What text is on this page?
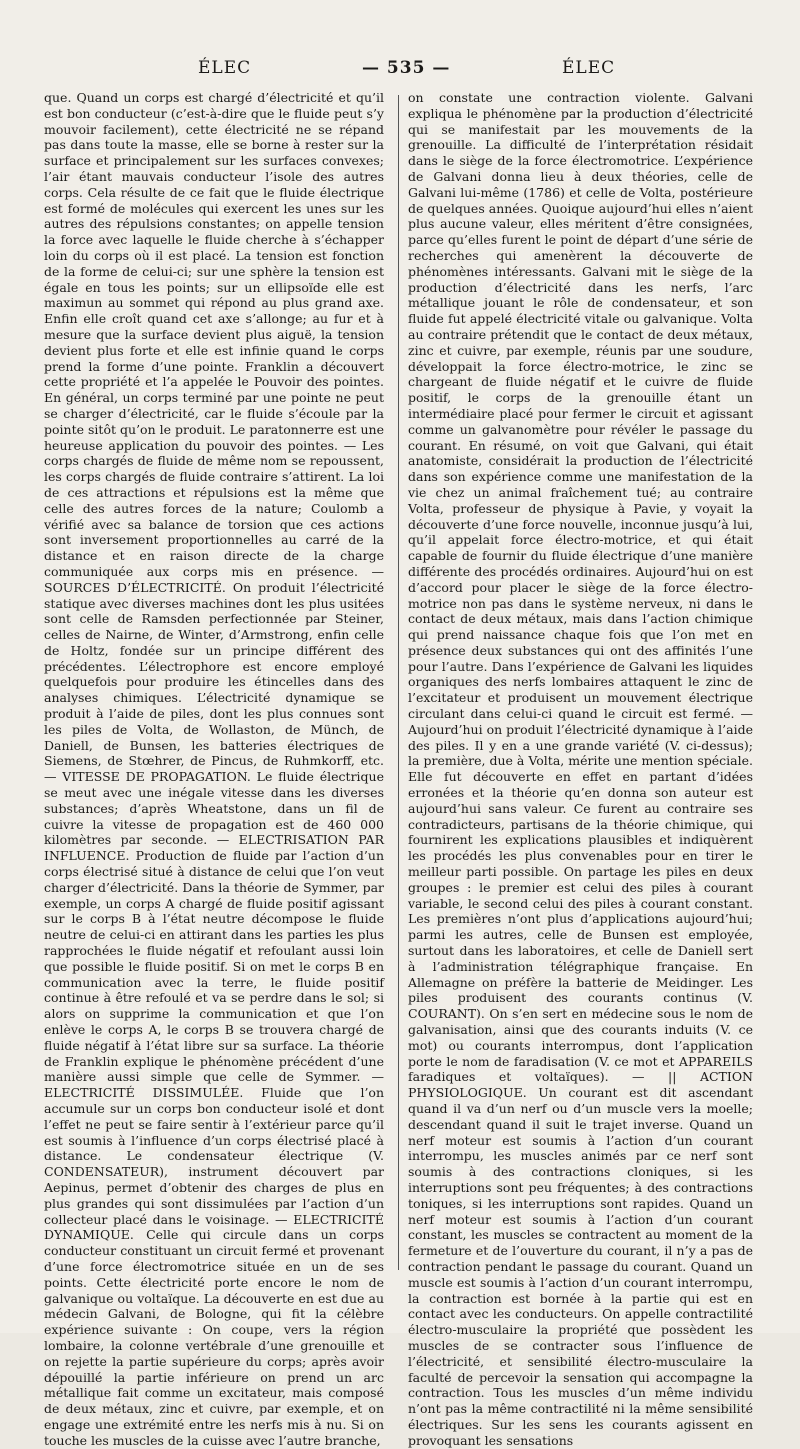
ÉLEC	— 535 —	ÉLEC

que. Quand un corps est chargé d’électricité et qu’il est bon conducteur (c’est-à-dire que le fluide peut s’y mouvoir facilement), cette électricité ne se répand pas dans toute la masse, elle se borne à rester sur la surface et principalement sur les surfaces convexes; l’air étant mauvais conducteur l’isole des autres corps. Cela résulte de ce fait que le fluide électrique est formé de molécules qui exercent les unes sur les autres des répulsions constantes; on appelle tension la force avec laquelle le fluide cherche à s’échapper loin du corps où il est placé. La tension est fonction de la forme de celui-ci; sur une sphère la tension est égale en tous les points; sur un ellipsoïde elle est maximun au sommet qui répond au plus grand axe. Enfin elle croît quand cet axe s’allonge; au fur et à mesure que la surface devient plus aiguë, la tension devient plus forte et elle est infinie quand le corps prend la forme d’une pointe. Franklin a découvert cette propriété et l’a appelée le Pouvoir des pointes. En général, un corps terminé par une pointe ne peut se charger d’électricité, car le fluide s’écoule par la pointe sitôt qu’on le produit. Le paratonnerre est une heureuse application du pouvoir des pointes. — Les corps chargés de fluide de même nom se repoussent, les corps chargés de fluide contraire s’attirent. La loi de ces attractions et répulsions est la même que celle des autres forces de la nature; Coulomb a vérifié avec sa balance de torsion que ces actions sont inversement proportionnelles au carré de la distance et en raison directe de la charge communiquée aux corps mis en présence. — SOURCES D’ÉLECTRICITÉ. On produit l’électricité statique avec diverses machines dont les plus usitées sont celle de Ramsden perfectionnée par Steiner, celles de Nairne, de Winter, d’Armstrong, enfin celle de Holtz, fondée sur un principe différent des précédentes. L’électrophore est encore employé quelquefois pour produire les étincelles dans des analyses chimiques. L’électricité dynamique se produit à l’aide de piles, dont les plus connues sont les piles de Volta, de Wollaston, de Münch, de Daniell, de Bunsen, les batteries électriques de Siemens, de Stœhrer, de Pincus, de Ruhmkorff, etc. — VITESSE DE PROPAGATION. Le fluide électrique se meut avec une inégale vitesse dans les diverses substances; d’après Wheatstone, dans un fil de cuivre la vitesse de propagation est de 460 000 kilomètres par seconde. — ELECTRISATION PAR INFLUENCE. Production de fluide par l’action d’un corps électrisé situé à distance de celui que l’on veut charger d’électricité. Dans la théorie de Symmer, par exemple, un corps A chargé de fluide positif agissant sur le corps B à l’état neutre décompose le fluide neutre de celui-ci en attirant dans les parties les plus rapprochées le fluide négatif et refoulant aussi loin que possible le fluide positif. Si on met le corps B en communication avec la terre, le fluide positif continue à être refoulé et va se perdre dans le sol; si alors on supprime la communication et que l’on enlève le corps A, le corps B se trouvera chargé de fluide négatif à l’état libre sur sa surface. La théorie de Franklin explique le phénomène précédent d’une manière aussi simple que celle de Symmer. — ELECTRICITÉ DISSIMULÉE. Fluide que l’on accumule sur un corps bon conducteur isolé et dont l’effet ne peut se faire sentir à l’extérieur parce qu’il est soumis à l’influence d’un corps électrisé placé à distance. Le condensateur électrique (V. CONDENSATEUR), instrument découvert par Aepinus, permet d’obtenir des charges de plus en plus grandes qui sont dissimulées par l’action d’un collecteur placé dans le voisinage. — ELECTRICITÉ DYNAMIQUE. Celle qui circule dans un corps conducteur constituant un circuit fermé et provenant d’une force électromotrice située en un de ses points. Cette électricité porte encore le nom de galvanique ou voltaïque. La découverte en est due au médecin Galvani, de Bologne, qui fit la célèbre expérience suivante : On coupe, vers la région lombaire, la colonne vertébrale d’une grenouille et on rejette la partie supérieure du corps; après avoir dépouillé la partie inférieure on prend un arc métallique fait comme un excitateur, mais composé de deux métaux, zinc et cuivre, par exemple, et on engage une extrémité entre les nerfs mis à nu. Si on touche les muscles de la cuisse avec l’autre branche,

on constate une contraction violente. Galvani expliqua le phénomène par la production d’électricité qui se manifestait par les mouvements de la grenouille. La difficulté de l’interprétation résidait dans le siège de la force électromotrice. L’expérience de Galvani donna lieu à deux théories, celle de Galvani lui-même (1786) et celle de Volta, postérieure de quelques années. Quoique aujourd’hui elles n’aient plus aucune valeur, elles méritent d’être consignées, parce qu’elles furent le point de départ d’une série de recherches qui amenèrent la découverte de phénomènes intéressants. Galvani mit le siège de la production d’électricité dans les nerfs, l’arc métallique jouant le rôle de condensateur, et son fluide fut appelé électricité vitale ou galvanique. Volta au contraire prétendit que le contact de deux métaux, zinc et cuivre, par exemple, réunis par une soudure, développait la force électro-motrice, le zinc se chargeant de fluide négatif et le cuivre de fluide positif, le corps de la grenouille étant un intermédiaire placé pour fermer le circuit et agissant comme un galvanomètre pour révéler le passage du courant. En résumé, on voit que Galvani, qui était anatomiste, considérait la production de l’électricité dans son expérience comme une manifestation de la vie chez un animal fraîchement tué; au contraire Volta, professeur de physique à Pavie, y voyait la découverte d’une force nouvelle, inconnue jusqu’à lui, qu’il appelait force électro-motrice, et qui était capable de fournir du fluide électrique d’une manière différente des procédés ordinaires. Aujourd’hui on est d’accord pour placer le siège de la force électro-motrice non pas dans le système nerveux, ni dans le contact de deux métaux, mais dans l’action chimique qui prend naissance chaque fois que l’on met en présence deux substances qui ont des affinités l’une pour l’autre. Dans l’expérience de Galvani les liquides organiques des nerfs lombaires attaquent le zinc de l’excitateur et produisent un mouvement électrique circulant dans celui-ci quand le circuit est fermé. — Aujourd’hui on produit l’électricité dynamique à l’aide des piles. Il y en a une grande variété (V. ci-dessus); la première, due à Volta, mérite une mention spéciale. Elle fut découverte en effet en partant d’idées erronées et la théorie qu’en donna son auteur est aujourd’hui sans valeur. Ce furent au contraire ses contradicteurs, partisans de la théorie chimique, qui fournirent les explications plausibles et indiquèrent les procédés les plus convenables pour en tirer le meilleur parti possible. On partage les piles en deux groupes : le premier est celui des piles à courant variable, le second celui des piles à courant constant. Les premières n’ont plus d’applications aujourd’hui; parmi les autres, celle de Bunsen est employée, surtout dans les laboratoires, et celle de Daniell sert à l’administration télégraphique française. En Allemagne on préfère la batterie de Meidinger. Les piles produisent des courants continus (V. COURANT). On s’en sert en médecine sous le nom de galvanisation, ainsi que des courants induits (V. ce mot) ou courants interrompus, dont l’application porte le nom de faradisation (V. ce mot et APPAREILS faradiques et voltaïques). — || ACTION PHYSIOLOGIQUE. Un courant est dit ascendant quand il va d’un nerf ou d’un muscle vers la moelle; descendant quand il suit le trajet inverse. Quand un nerf moteur est soumis à l’action d’un courant interrompu, les muscles animés par ce nerf sont soumis à des contractions cloniques, si les interruptions sont peu fréquentes; à des contractions toniques, si les interruptions sont rapides. Quand un nerf moteur est soumis à l’action d’un courant constant, les muscles se contractent au moment de la fermeture et de l’ouverture du courant, il n’y a pas de contraction pendant le passage du courant. Quand un muscle est soumis à l’action d’un courant interrompu, la contraction est bornée à la partie qui est en contact avec les conducteurs. On appelle contractilité électro-musculaire la propriété que possèdent les muscles de se contracter sous l’influence de l’électricité, et sensibilité électro-musculaire la faculté de percevoir la sensation qui accompagne la contraction. Tous les muscles d’un même individu n’ont pas la même contractilité ni la même sensibilité électriques. Sur les sens les courants agissent en provoquant les sensations
